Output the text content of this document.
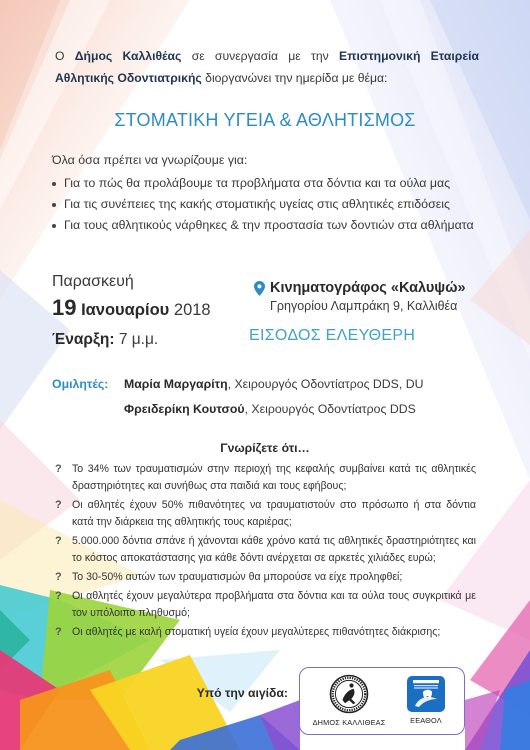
Ο Δήμος Καλλιθέας σε συνεργασία με την Επιστημονική Εταιρεία Αθλητικής Οδοντιατρικής διοργανώνει την ημερίδα με θέμα:

ΣΤΟΜΑΤΙΚΗ ΥΓΕΙΑ & ΑΘΛΗΤΙΣΜΟΣ
Όλα όσα πρέπει να γνωρίζουμε για:
Για το πώς θα προλάβουμε τα προβλήματα στα δόντια και τα ούλα μας
Για τις συνέπειες της κακής στοματικής υγείας στις αθλητικές επιδόσεις
Για τους αθλητικούς νάρθηκες & την προστασία των δοντιών στα αθλήματα
Παρασκευή
19 Ιανουαρίου 2018
Έναρξη: 7 μ.μ.
Κινηματογράφος «Καλυψώ»
Γρηγορίου Λαμπράκη 9, Καλλιθέα
ΕΙΣΟΔΟΣ ΕΛΕΥΘΕΡΗ
Ομιλητές: Μαρία Μαργαρίτη, Χειρουργός Οδοντίατρος DDS, DU
Φρειδερίκη Κουτσού, Χειρουργός Οδοντίατρος DDS
Γνωρίζετε ότι…
? Το 34% των τραυματισμών στην περιοχή της κεφαλής συμβαίνει κατά τις αθλητικές δραστηριότητες και συνήθως στα παιδιά και τους εφήβους;
? Οι αθλητές έχουν 50% πιθανότητες να τραυματιστούν στο πρόσωπο ή στα δόντια κατά την διάρκεια της αθλητικής τους καριέρας;
? 5.000.000 δόντια σπάνε ή χάνονται κάθε χρόνο κατά τις αθλητικές δραστηριότητες και το κόστος αποκατάστασης για κάθε δόντι ανέρχεται σε αρκετές χιλιάδες ευρώ;
? Το 30-50% αυτών των τραυματισμών θα μπορούσε να είχε προληφθεί;
? Οι αθλητές έχουν μεγαλύτερα προβλήματα στα δόντια και τα ούλα τους συγκριτικά με τον υπόλοιπο πληθυσμό;
? Οι αθλητές με καλή στοματική υγεία έχουν μεγαλύτερες πιθανότητες διάκρισης;
Υπό την αιγίδα:
ΔΗΜΟΣ ΚΑΛΛΙΘΕΑΣ	ΕΕΑΘΟΛ
